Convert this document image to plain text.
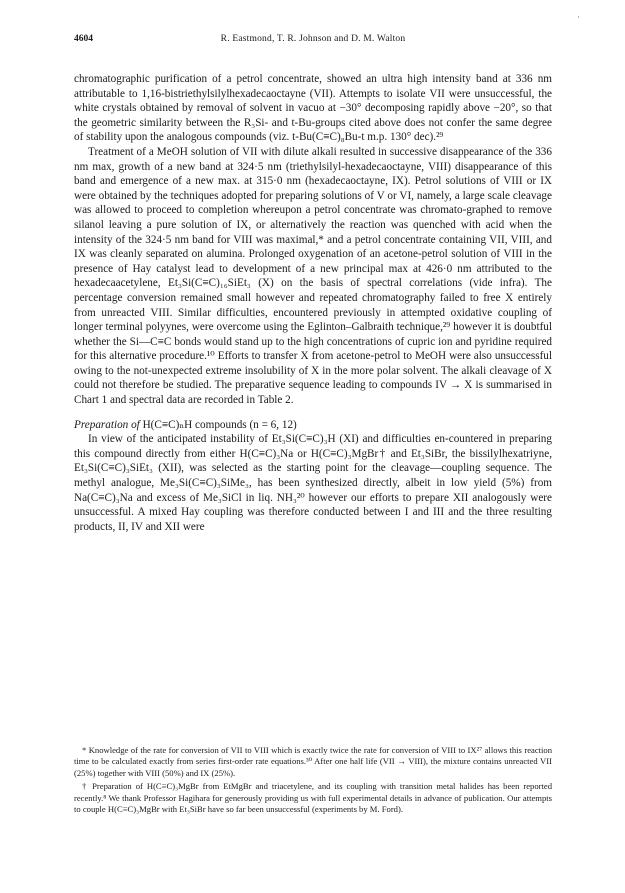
·
4604	R. Eastmond, T. R. Johnson and D. M. Walton

chromatographic purification of a petrol concentrate, showed an ultra high intensity band at 336 nm attributable to 1,16-bistriethylsilylhexadecaoctayne (VII). Attempts to isolate VII were unsuccessful, the white crystals obtained by removal of solvent in vacuo at −30° decomposing rapidly above −20°, so that the geometric similarity between the R₃Si- and t-Bu-groups cited above does not confer the same degree of stability upon the analogous compounds (viz. t-Bu(C≡C)₈Bu-t m.p. 130° dec).²⁹

Treatment of a MeOH solution of VII with dilute alkali resulted in successive disappearance of the 336 nm max, growth of a new band at 324·5 nm (triethylsilyl-hexadecaoctayne, VIII) disappearance of this band and emergence of a new max. at 315·0 nm (hexadecaoctayne, IX). Petrol solutions of VIII or IX were obtained by the techniques adopted for preparing solutions of V or VI, namely, a large scale cleavage was allowed to proceed to completion whereupon a petrol concentrate was chromato-graphed to remove silanol leaving a pure solution of IX, or alternatively the reaction was quenched with acid when the intensity of the 324·5 nm band for VIII was maximal,* and a petrol concentrate containing VII, VIII, and IX was cleanly separated on alumina. Prolonged oxygenation of an acetone-petrol solution of VIII in the presence of Hay catalyst lead to development of a new principal max at 426·0 nm attributed to the hexadecaacetylene, Et₃Si(C≡C)₁₆SiEt₃ (X) on the basis of spectral correlations (vide infra). The percentage conversion remained small however and repeated chromatography failed to free X entirely from unreacted VIII. Similar difficulties, encountered previously in attempted oxidative coupling of longer terminal polyynes, were overcome using the Eglinton–Galbraith technique,²⁹ however it is doubtful whether the Si—C≡C bonds would stand up to the high concentrations of cupric ion and pyridine required for this alternative procedure.¹⁰ Efforts to transfer X from acetone-petrol to MeOH were also unsuccessful owing to the not-unexpected extreme insolubility of X in the more polar solvent. The alkali cleavage of X could not therefore be studied. The preparative sequence leading to compounds IV → X is summarised in Chart 1 and spectral data are recorded in Table 2.

Preparation of H(C≡C)ₙH compounds (n = 6, 12)

In view of the anticipated instability of Et₃Si(C≡C)₃H (XI) and difficulties en-countered in preparing this compound directly from either H(C≡C)₃Na or H(C≡C)₃MgBr† and Et₃SiBr, the bissilylhexatriyne, Et₃Si(C≡C)₃SiEt₃ (XII), was selected as the starting point for the cleavage—coupling sequence. The methyl analogue, Me₃Si(C≡C)₃SiMe₃, has been synthesized directly, albeit in low yield (5%) from Na(C≡C)₃Na and excess of Me₃SiCl in liq. NH₃²⁰ however our efforts to prepare XII analogously were unsuccessful. A mixed Hay coupling was therefore conducted between I and III and the three resulting products, II, IV and XII were

* Knowledge of the rate for conversion of VII to VIII which is exactly twice the rate for conversion of VIII to IX²⁷ allows this reaction time to be calculated exactly from series first-order rate equations.³⁰ After one half life (VII → VIII), the mixture contains unreacted VII (25%) together with VIII (50%) and IX (25%).

† Preparation of H(C≡C)₃MgBr from EtMgBr and triacetylene, and its coupling with transition metal halides has been reported recently.⁸ We thank Professor Hagihara for generously providing us with full experimental details in advance of publication. Our attempts to couple H(C≡C)₃MgBr with Et₃SiBr have so far been unsuccessful (experiments by M. Ford).
